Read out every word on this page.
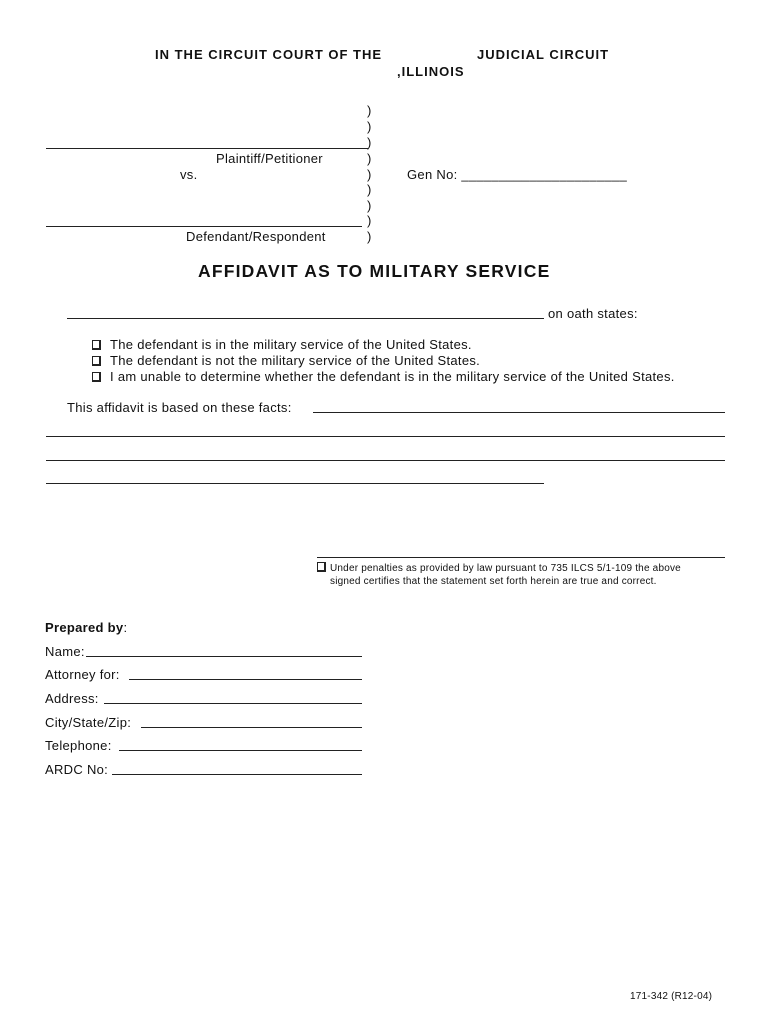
IN THE CIRCUIT COURT OF THE	JUDICIAL CIRCUIT
,ILLINOIS
)
)
)
)
)
)
)
)
)
Plaintiff/Petitioner
vs.	Gen No: ______________________
Defendant/Respondent
AFFIDAVIT AS TO MILITARY SERVICE
on oath states:
The defendant is in the military service of the United States.
The defendant is not the military service of the United States.
I am unable to determine whether the defendant is in the military service of the United States.
This affidavit is based on these facts:
Under penalties as provided by law pursuant to 735 ILCS 5/1-109 the above
signed certifies that the statement set forth herein are true and correct.
Prepared by:
Name:
Attorney for:
Address:
City/State/Zip:
Telephone:
ARDC No:
171-342 (R12-04)
